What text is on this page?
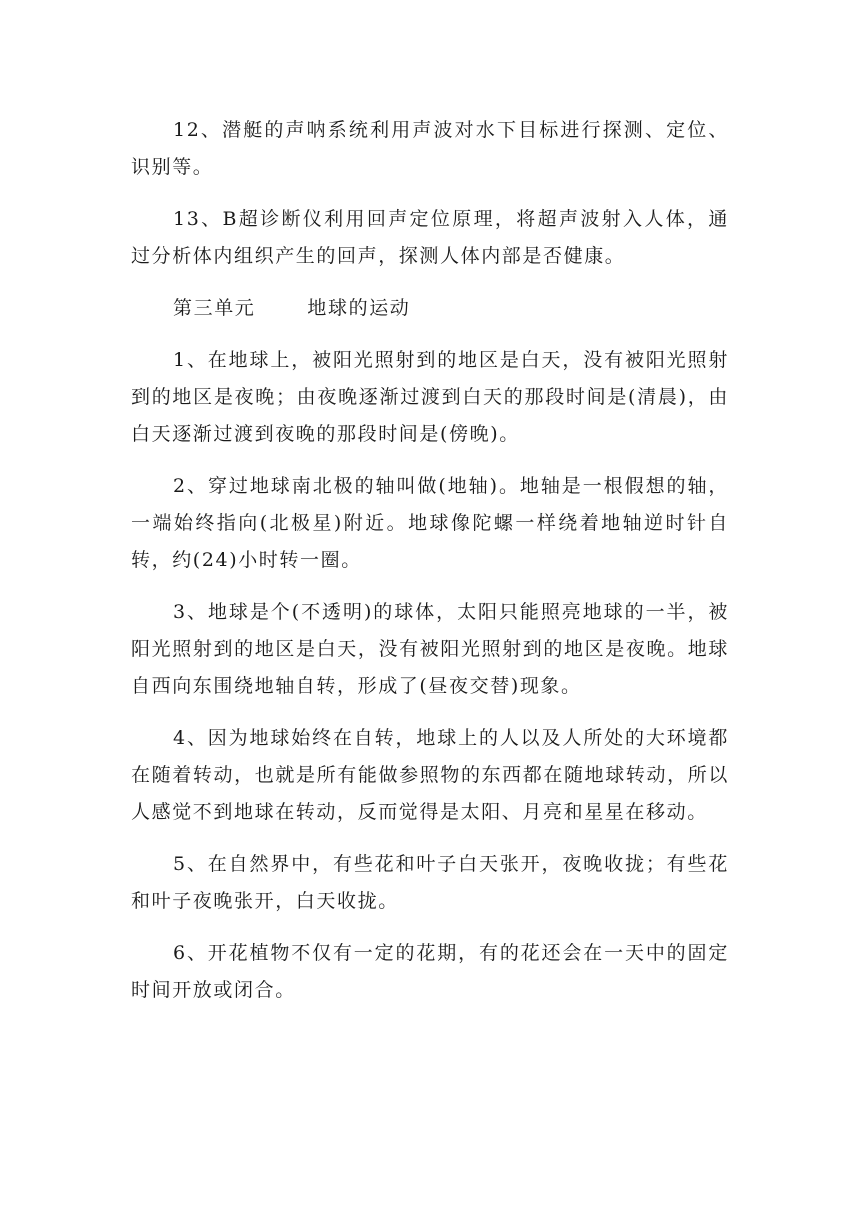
12、潜艇的声呐系统利用声波对水下目标进行探测、定位、识别等。

13、B超诊断仪利用回声定位原理，将超声波射入人体，通过分析体内组织产生的回声，探测人体内部是否健康。

第三单元	地球的运动

1、在地球上，被阳光照射到的地区是白天，没有被阳光照射到的地区是夜晚；由夜晚逐渐过渡到白天的那段时间是(清晨)，由白天逐渐过渡到夜晚的那段时间是(傍晚)。

2、穿过地球南北极的轴叫做(地轴)。地轴是一根假想的轴，一端始终指向(北极星)附近。地球像陀螺一样绕着地轴逆时针自转，约(24)小时转一圈。

3、地球是个(不透明)的球体，太阳只能照亮地球的一半，被阳光照射到的地区是白天，没有被阳光照射到的地区是夜晚。地球自西向东围绕地轴自转，形成了(昼夜交替)现象。

4、因为地球始终在自转，地球上的人以及人所处的大环境都在随着转动，也就是所有能做参照物的东西都在随地球转动，所以人感觉不到地球在转动，反而觉得是太阳、月亮和星星在移动。

5、在自然界中，有些花和叶子白天张开，夜晚收拢；有些花和叶子夜晚张开，白天收拢。

6、开花植物不仅有一定的花期，有的花还会在一天中的固定时间开放或闭合。
